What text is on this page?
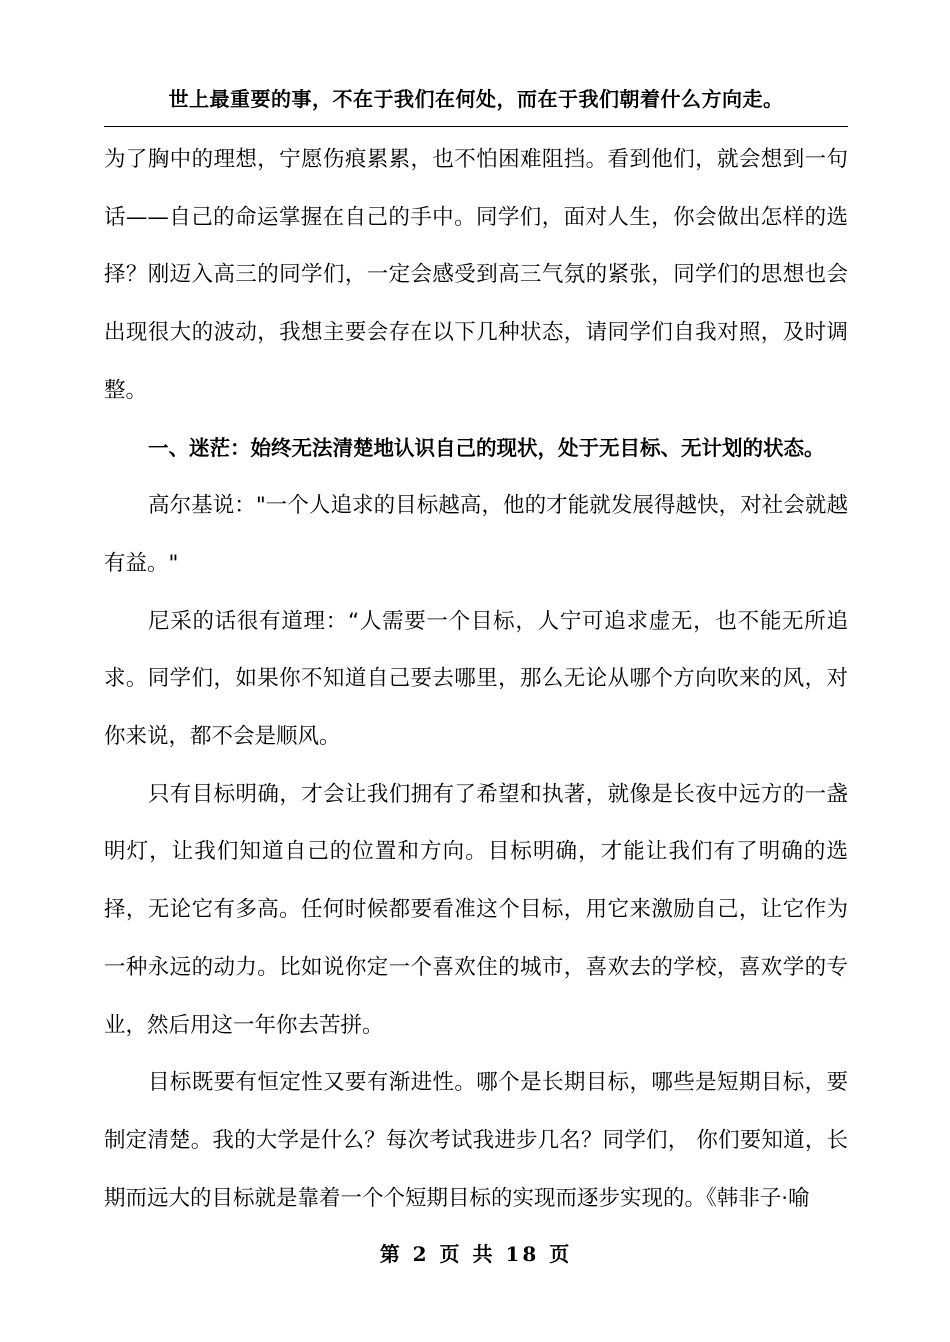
世上最重要的事，不在于我们在何处，而在于我们朝着什么方向走。

为了胸中的理想，宁愿伤痕累累，也不怕困难阻挡。看到他们，就会想到一句话——自己的命运掌握在自己的手中。同学们，面对人生，你会做出怎样的选择？刚迈入高三的同学们，一定会感受到高三气氛的紧张，同学们的思想也会出现很大的波动，我想主要会存在以下几种状态，请同学们自我对照，及时调整。

一、迷茫：始终无法清楚地认识自己的现状，处于无目标、无计划的状态。

高尔基说："一个人追求的目标越高，他的才能就发展得越快，对社会就越有益。"

尼采的话很有道理：“人需要一个目标，人宁可追求虚无，也不能无所追求。同学们，如果你不知道自己要去哪里，那么无论从哪个方向吹来的风，对你来说，都不会是顺风。

只有目标明确，才会让我们拥有了希望和执著，就像是长夜中远方的一盏明灯，让我们知道自己的位置和方向。目标明确，才能让我们有了明确的选择，无论它有多高。任何时候都要看准这个目标，用它来激励自己，让它作为一种永远的动力。比如说你定一个喜欢住的城市，喜欢去的学校，喜欢学的专业，然后用这一年你去苦拼。

目标既要有恒定性又要有渐进性。哪个是长期目标，哪些是短期目标，要制定清楚。我的大学是什么？每次考试我进步几名？同学们， 你们要知道，长期而远大的目标就是靠着一个个短期目标的实现而逐步实现的。《韩非子·喻

第 2 页 共 18 页
